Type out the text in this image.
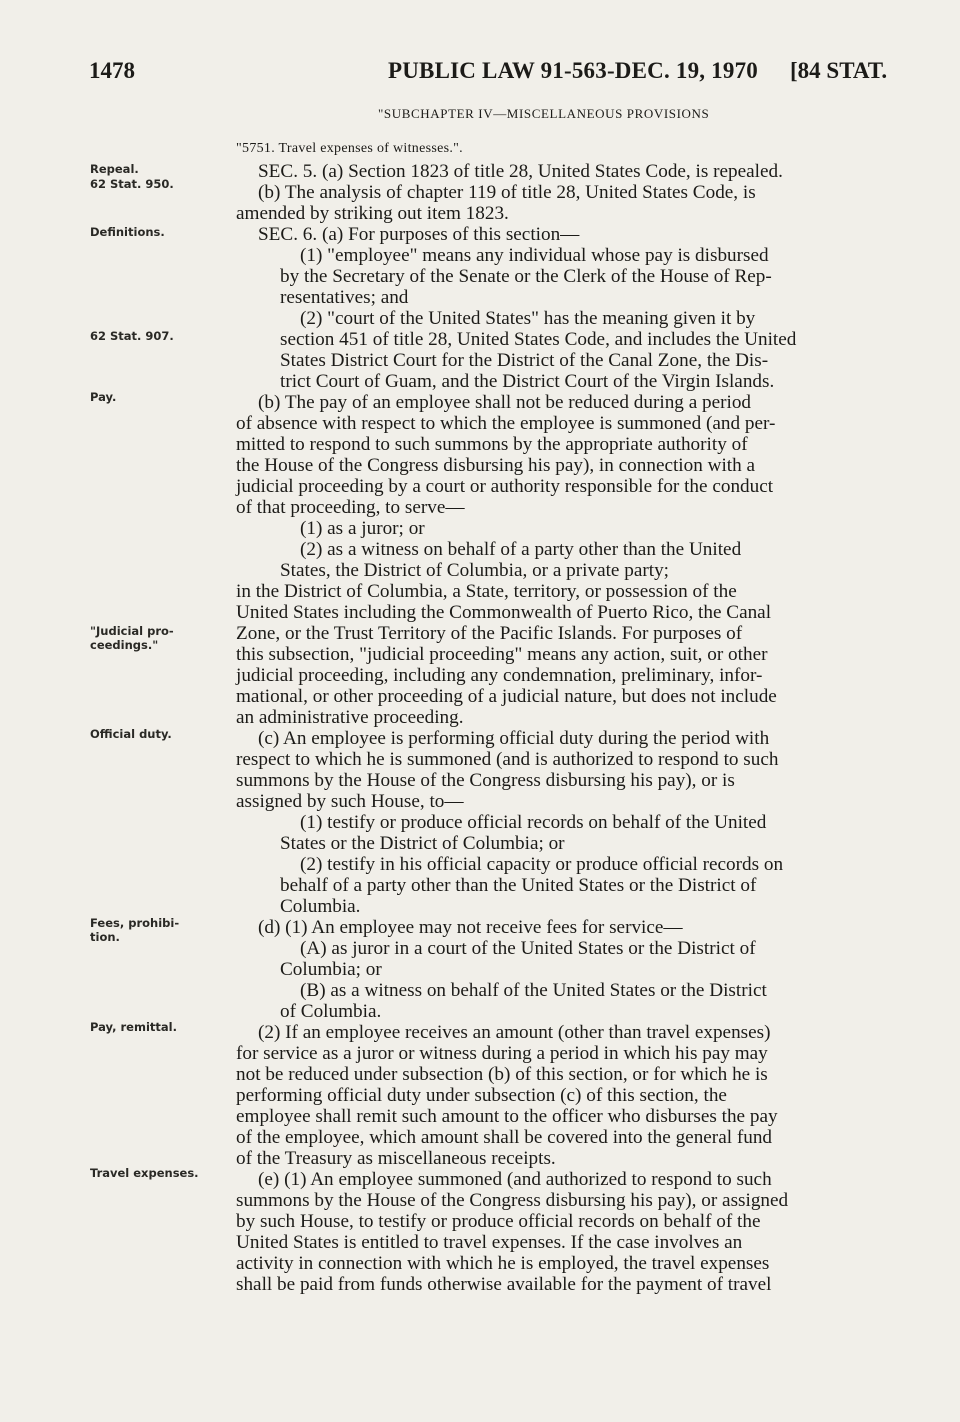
1478	PUBLIC LAW 91-563-DEC. 19, 1970 [84 STAT.
"SUBCHAPTER IV—MISCELLANEOUS PROVISIONS
Repeal.
62 Stat. 950.
Definitions.
62 Stat. 907.
Pay.
"Judicial pro-
ceedings."
Official duty.
Fees, prohibi-
tion.
Pay, remittal.
Travel expenses.
"5751. Travel expenses of witnesses.".
SEC. 5. (a) Section 1823 of title 28, United States Code, is repealed.
(b) The analysis of chapter 119 of title 28, United States Code, is
amended by striking out item 1823.
SEC. 6. (a) For purposes of this section—
(1) "employee" means any individual whose pay is disbursed
by the Secretary of the Senate or the Clerk of the House of Rep-
resentatives; and
(2) "court of the United States" has the meaning given it by
section 451 of title 28, United States Code, and includes the United
States District Court for the District of the Canal Zone, the Dis-
trict Court of Guam, and the District Court of the Virgin Islands.
(b) The pay of an employee shall not be reduced during a period
of absence with respect to which the employee is summoned (and per-
mitted to respond to such summons by the appropriate authority of
the House of the Congress disbursing his pay), in connection with a
judicial proceeding by a court or authority responsible for the conduct
of that proceeding, to serve—
(1) as a juror; or
(2) as a witness on behalf of a party other than the United
States, the District of Columbia, or a private party;
in the District of Columbia, a State, territory, or possession of the
United States including the Commonwealth of Puerto Rico, the Canal
Zone, or the Trust Territory of the Pacific Islands. For purposes of
this subsection, "judicial proceeding" means any action, suit, or other
judicial proceeding, including any condemnation, preliminary, infor-
mational, or other proceeding of a judicial nature, but does not include
an administrative proceeding.
(c) An employee is performing official duty during the period with
respect to which he is summoned (and is authorized to respond to such
summons by the House of the Congress disbursing his pay), or is
assigned by such House, to—
(1) testify or produce official records on behalf of the United
States or the District of Columbia; or
(2) testify in his official capacity or produce official records on
behalf of a party other than the United States or the District of
Columbia.
(d) (1) An employee may not receive fees for service—
(A) as juror in a court of the United States or the District of
Columbia; or
(B) as a witness on behalf of the United States or the District
of Columbia.
(2) If an employee receives an amount (other than travel expenses)
for service as a juror or witness during a period in which his pay may
not be reduced under subsection (b) of this section, or for which he is
performing official duty under subsection (c) of this section, the
employee shall remit such amount to the officer who disburses the pay
of the employee, which amount shall be covered into the general fund
of the Treasury as miscellaneous receipts.
(e) (1) An employee summoned (and authorized to respond to such
summons by the House of the Congress disbursing his pay), or assigned
by such House, to testify or produce official records on behalf of the
United States is entitled to travel expenses. If the case involves an
activity in connection with which he is employed, the travel expenses
shall be paid from funds otherwise available for the payment of travel
